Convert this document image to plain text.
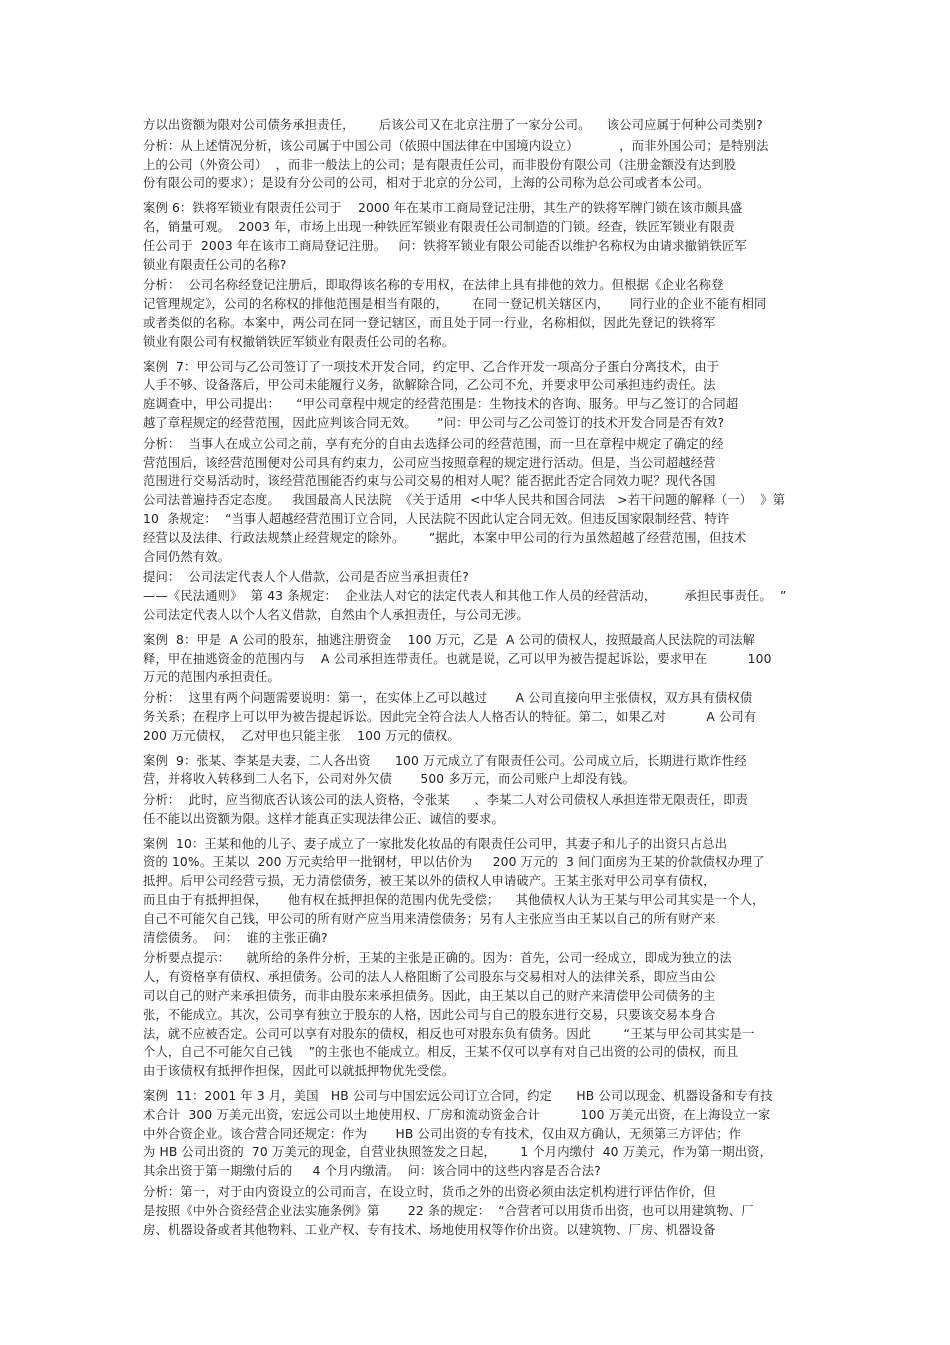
方以出资额为限对公司债务承担责任，      后该公司又在北京注册了一家分公司。    该公司应属于何种公司类别?
分析：从上述情况分析，该公司属于中国公司（依照中国法律在中国境内设立）          ，而非外国公司；是特别法
上的公司（外资公司）  ，而非一般法上的公司；是有限责任公司，而非股份有限公司（注册金额没有达到股
份有限公司的要求）；是设有分公司的公司，相对于北京的分公司，上海的公司称为总公司或者本公司。
案例 6：铁将军锁业有限责任公司于    2000 年在某市工商局登记注册，其生产的铁将军牌门锁在该市颇具盛
名，销量可观。  2003 年，市场上出现一种铁匠军锁业有限责任公司制造的门锁。经查，铁匠军锁业有限责
任公司于  2003 年在该市工商局登记注册。   问：铁将军锁业有限公司能否以维护名称权为由请求撤销铁匠军
锁业有限责任公司的名称?
分析：  公司名称经登记注册后，即取得该名称的专用权，在法律上具有排他的效力。但根据《企业名称登
记管理规定》，公司的名称权的排他范围是相当有限的，      在同一登记机关辖区内，     同行业的企业不能有相同
或者类似的名称。本案中，两公司在同一登记辖区，而且处于同一行业，名称相似，因此先登记的铁将军
锁业有限公司有权撤销铁匠军锁业有限责任公司的名称。
案例  7：甲公司与乙公司签订了一项技术开发合同，约定甲、乙合作开发一项高分子蛋白分离技术，由于
人手不够、设备落后，甲公司未能履行义务，欲解除合同，乙公司不允，并要求甲公司承担违约责任。法
庭调查中，甲公司提出：    “甲公司章程中规定的经营范围是：生物技术的咨询、服务。甲与乙签订的合同超
越了章程规定的经营范围，因此应判该合同无效。     ”问：甲公司与乙公司签订的技术开发合同是否有效?
分析：  当事人在成立公司之前，享有充分的自由去选择公司的经营范围，而一旦在章程中规定了确定的经
营范围后，该经营范围便对公司具有约束力，公司应当按照章程的规定进行活动。但是，当公司超越经营
范围进行交易活动时，该经营范围能否约束与公司交易的相对人呢？能否据此否定合同效力呢？现代各国
公司法普遍持否定态度。   我国最高人民法院  《关于适用  <中华人民共和国合同法   >若干问题的解释（一）  》第
10  条规定：  “当事人超越经营范围订立合同，人民法院不因此认定合同无效。但违反国家限制经营、特许
经营以及法律、行政法规禁止经营规定的除外。      ”据此，本案中甲公司的行为虽然超越了经营范围，但技术
合同仍然有效。
提问：  公司法定代表人个人借款，公司是否应当承担责任?
——《民法通则》  第 43 条规定：  企业法人对它的法定代表人和其他工作人员的经营活动，       承担民事责任。  ”
公司法定代表人以个人名义借款，自然由个人承担责任，与公司无涉。
案例  8：甲是  A 公司的股东，抽逃注册资金    100 万元，乙是  A 公司的债权人，按照最高人民法院的司法解
释，甲在抽逃资金的范围内与    A 公司承担连带责任。也就是说，乙可以甲为被告提起诉讼，要求甲在          100
万元的范围内承担责任。
分析：  这里有两个问题需要说明：第一，在实体上乙可以越过       A 公司直接向甲主张债权，双方具有债权债
务关系；在程序上可以甲为被告提起诉讼。因此完全符合法人人格否认的特征。第二，如果乙对          A 公司有
200 万元债权，  乙对甲也只能主张    100 万元的债权。
案例  9：张某、李某是夫妻，二人各出资      100 万元成立了有限责任公司。公司成立后，长期进行欺诈性经
营，并将收入转移到二人名下，公司对外欠债       500 多万元，而公司账户上却没有钱。
分析：  此时，应当彻底否认该公司的法人资格，令张某      、李某二人对公司债权人承担连带无限责任，即责
任不能以出资额为限。这样才能真正实现法律公正、诚信的要求。
案例  10：王某和他的儿子、妻子成立了一家批发化妆品的有限责任公司甲，其妻子和儿子的出资只占总出
资的 10%。王某以  200 万元卖给甲一批钢材，甲以估价为     200 万元的  3 间门面房为王某的价款债权办理了
抵押。后甲公司经营亏损，无力清偿债务，被王某以外的债权人申请破产。王某主张对甲公司享有债权，
而且由于有抵押担保，     他有权在抵押担保的范围内优先受偿；    其他债权人认为王某与甲公司其实是一个人，
自己不可能欠自己钱，甲公司的所有财产应当用来清偿债务；另有人主张应当由王某以自己的所有财产来
清偿债务。  问：  谁的主张正确?
分析要点提示：    就所给的条件分析，王某的主张是正确的。因为：首先，公司一经成立，即成为独立的法
人，有资格享有债权、承担债务。公司的法人人格阻断了公司股东与交易相对人的法律关系，即应当由公
司以自己的财产来承担债务，而非由股东来承担债务。因此，由王某以自己的财产来清偿甲公司债务的主
张，不能成立。其次，公司享有独立于股东的人格，因此公司与自己的股东进行交易，只要该交易本身合
法，就不应被否定。公司可以享有对股东的债权，相反也可对股东负有债务。因此        “王某与甲公司其实是一
个人，自己不可能欠自己钱    ”的主张也不能成立。相反，王某不仅可以享有对自己出资的公司的债权，而且
由于该债权有抵押作担保，因此可以就抵押物优先受偿。
案例  11：2001 年 3 月，美国   HB 公司与中国宏远公司订立合同，约定      HB 公司以现金、机器设备和专有技
术合计  300 万美元出资，宏远公司以土地使用权、厂房和流动资金合计          100 万美元出资，在上海设立一家
中外合资企业。该合营合同还规定：作为       HB 公司出资的专有技术，仅由双方确认，无须第三方评估；作
为 HB 公司出资的  70 万美元的现金，自营业执照签发之日起，      1 个月内缴付  40 万美元，作为第一期出资，
其余出资于第一期缴付后的     4 个月内缴清。  问：该合同中的这些内容是否合法?
分析：第一，对于由内资设立的公司而言，在设立时，货币之外的出资必须由法定机构进行评估作价，但
是按照《中外合资经营企业法实施条例》第       22 条的规定：  “合营者可以用货币出资，也可以用建筑物、厂
房、机器设备或者其他物料、工业产权、专有技术、场地使用权等作价出资。以建筑物、厂房、机器设备
